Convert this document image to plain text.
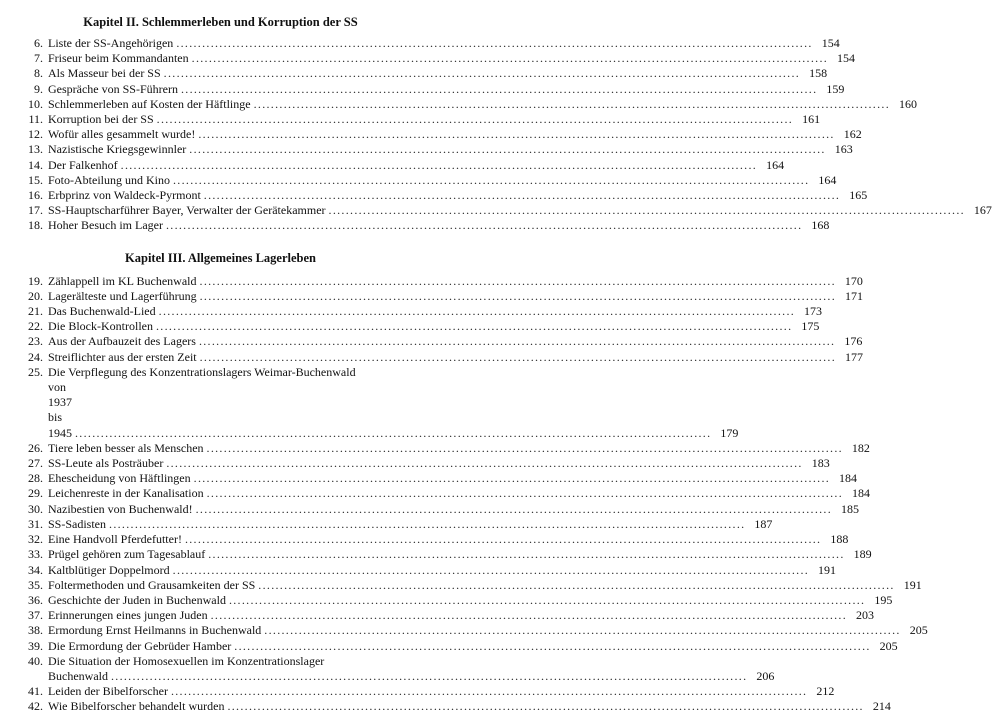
Kapitel II. Schlemmerleben und Korruption der SS
6. Liste der SS-Angehörigen .....	154
7. Friseur beim Kommandanten .....	154
8. Als Masseur bei der SS .....	158
9. Gespräche von SS-Führern .....	159
10. Schlemmerleben auf Kosten der Häftlinge .....	160
11. Korruption bei der SS .....	161
12. Wofür alles gesammelt wurde! .....	162
13. Nazistische Kriegsgewinnler .....	163
14. Der Falkenhof .....	164
15. Foto-Abteilung und Kino .....	164
16. Erbprinz von Waldeck-Pyrmont .....	165
17. SS-Hauptscharführer Bayer, Verwalter der Gerätekammer .....	167
18. Hoher Besuch im Lager .....	168
Kapitel III. Allgemeines Lagerleben
19. Zählappell im KL Buchenwald .....	170
20. Lagerälteste und Lagerführung .....	171
21. Das Buchenwald-Lied .....	173
22. Die Block-Kontrollen .....	175
23. Aus der Aufbauzeit des Lagers .....	176
24. Streiflichter aus der ersten Zeit .....	177
25. Die Verpflegung des Konzentrationslagers Weimar-Buchenwald
von 1937 bis 1945 .....	179
26. Tiere leben besser als Menschen .....	182
27. SS-Leute als Posträuber .....	183
28. Ehescheidung von Häftlingen .....	184
29. Leichenreste in der Kanalisation .....	184
30. Nazibestien von Buchenwald! .....	185
31. SS-Sadisten .....	187
32. Eine Handvoll Pferdefutter! .....	188
33. Prügel gehören zum Tagesablauf .....	189
34. Kaltblütiger Doppelmord .....	191
35. Foltermethoden und Grausamkeiten der SS .....	191
36. Geschichte der Juden in Buchenwald .....	195
37. Erinnerungen eines jungen Juden .....	203
38. Ermordung Ernst Heilmanns in Buchenwald .....	205
39. Die Ermordung der Gebrüder Hamber .....	205
40. Die Situation der Homosexuellen im Konzentrationslager
Buchenwald .....	206
41. Leiden der Bibelforscher .....	212
42. Wie Bibelforscher behandelt wurden .....	214
